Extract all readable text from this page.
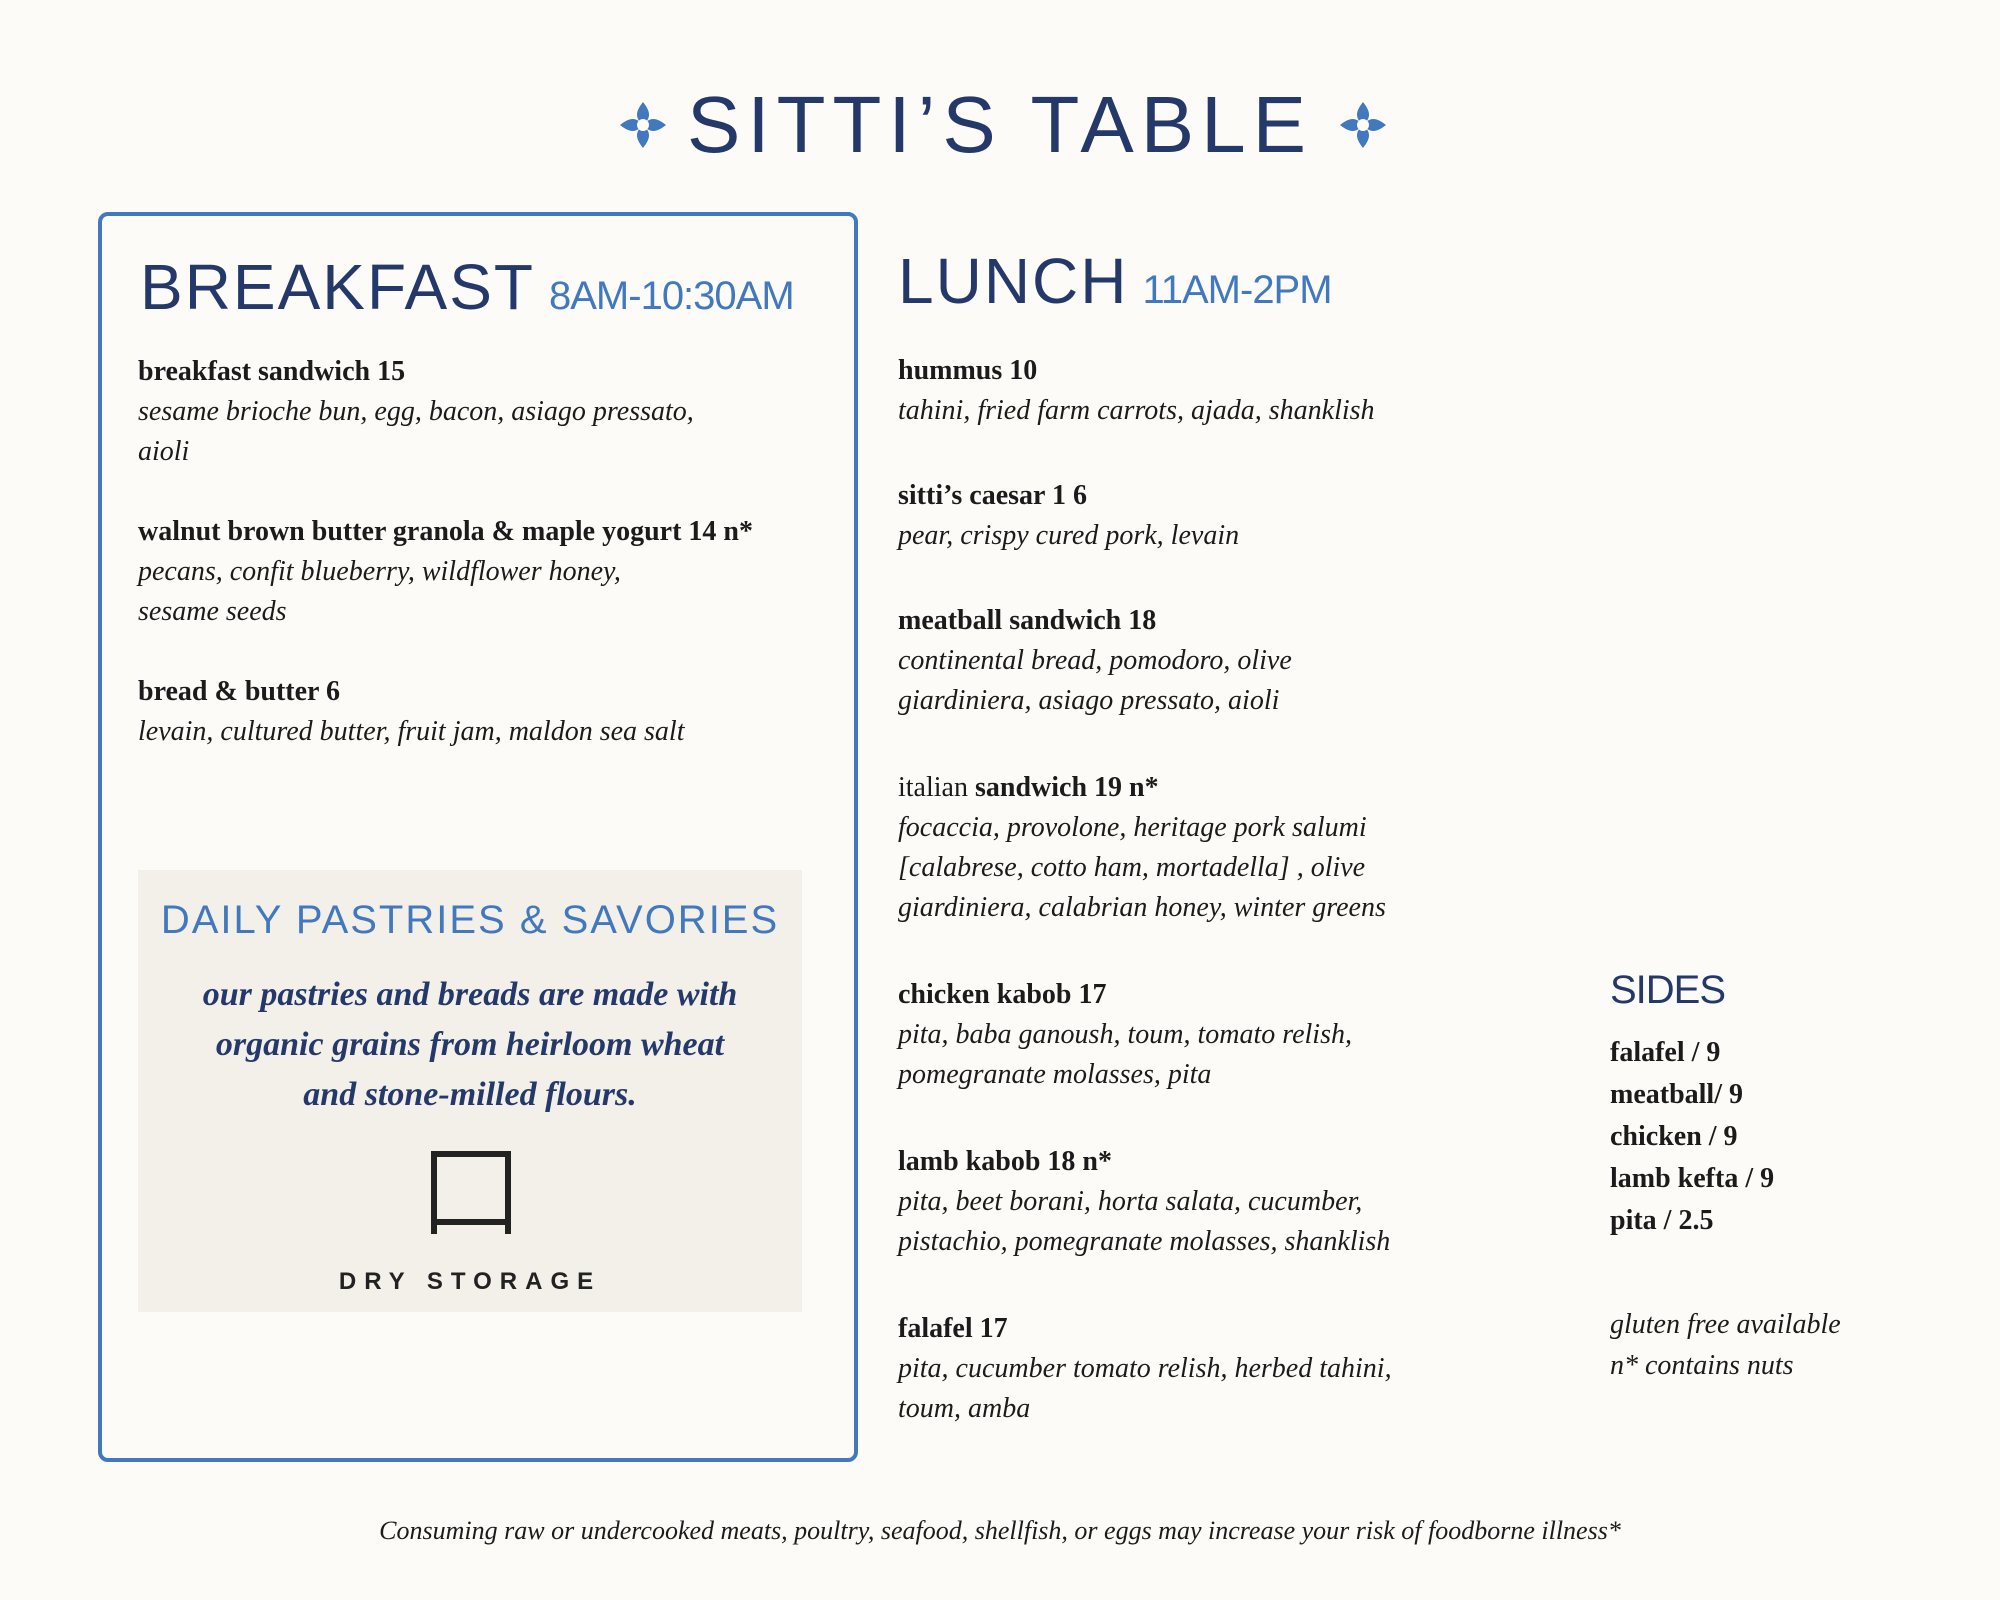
SITTI’S TABLE
BREAKFAST 8AM-10:30AM
breakfast sandwich 15
sesame brioche bun, egg, bacon, asiago pressato,
aioli
walnut brown butter granola & maple yogurt 14 n*
pecans, confit blueberry, wildflower honey,
sesame seeds
bread & butter 6
levain, cultured butter, fruit jam, maldon sea salt
DAILY PASTRIES & SAVORIES
our pastries and breads are made with
organic grains from heirloom wheat
and stone-milled flours.
DRY STORAGE
LUNCH 11AM-2PM
hummus 10
tahini, fried farm carrots, ajada, shanklish
sitti’s caesar 1 6
pear, crispy cured pork, levain
meatball sandwich 18
continental bread, pomodoro, olive
giardiniera, asiago pressato, aioli
italian sandwich 19 n*
focaccia, provolone, heritage pork salumi
[calabrese, cotto ham, mortadella] , olive
giardiniera, calabrian honey, winter greens
chicken kabob 17
pita, baba ganoush, toum, tomato relish,
pomegranate molasses, pita
lamb kabob 18 n*
pita, beet borani, horta salata, cucumber,
pistachio, pomegranate molasses, shanklish
falafel 17
pita, cucumber tomato relish, herbed tahini,
toum, amba
SIDES
falafel / 9
meatball/ 9
chicken / 9
lamb kefta / 9
pita / 2.5
gluten free available
n* contains nuts
Consuming raw or undercooked meats, poultry, seafood, shellfish, or eggs may increase your risk of foodborne illness*
